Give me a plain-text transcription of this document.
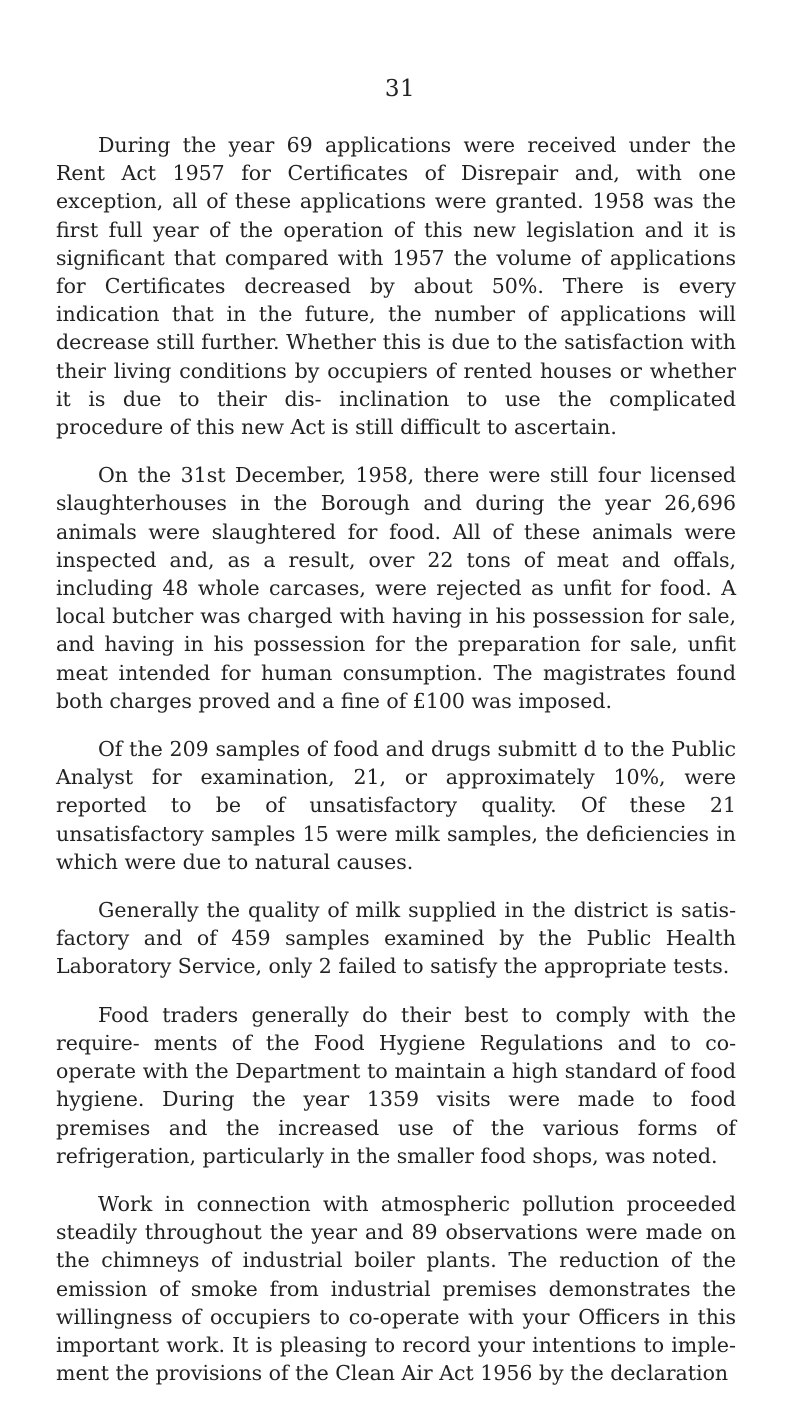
31

During the year 69 applications were received under the Rent Act 1957 for Certificates of Disrepair and, with one exception, all of these applications were granted. 1958 was the first full year of the operation of this new legislation and it is significant that compared with 1957 the volume of applications for Certificates decreased by about 50%. There is every indication that in the future, the number of applications will decrease still further. Whether this is due to the satisfaction with their living conditions by occupiers of rented houses or whether it is due to their dis- inclination to use the complicated procedure of this new Act is still difficult to ascertain.

On the 31st December, 1958, there were still four licensed slaughterhouses in the Borough and during the year 26,696 animals were slaughtered for food. All of these animals were inspected and, as a result, over 22 tons of meat and offals, including 48 whole carcases, were rejected as unfit for food. A local butcher was charged with having in his possession for sale, and having in his possession for the preparation for sale, unfit meat intended for human consumption. The magistrates found both charges proved and a fine of £100 was imposed.

Of the 209 samples of food and drugs submitt d to the Public Analyst for examination, 21, or approximately 10%, were reported to be of unsatisfactory quality. Of these 21 unsatisfactory samples 15 were milk samples, the deficiencies in which were due to natural causes.

Generally the quality of milk supplied in the district is satis- factory and of 459 samples examined by the Public Health Laboratory Service, only 2 failed to satisfy the appropriate tests.

Food traders generally do their best to comply with the require- ments of the Food Hygiene Regulations and to co-operate with the Department to maintain a high standard of food hygiene. During the year 1359 visits were made to food premises and the increased use of the various forms of refrigeration, particularly in the smaller food shops, was noted.

Work in connection with atmospheric pollution proceeded steadily throughout the year and 89 observations were made on the chimneys of industrial boiler plants. The reduction of the emission of smoke from industrial premises demonstrates the willingness of occupiers to co-operate with your Officers in this important work. It is pleasing to record your intentions to imple- ment the provisions of the Clean Air Act 1956 by the declaration
